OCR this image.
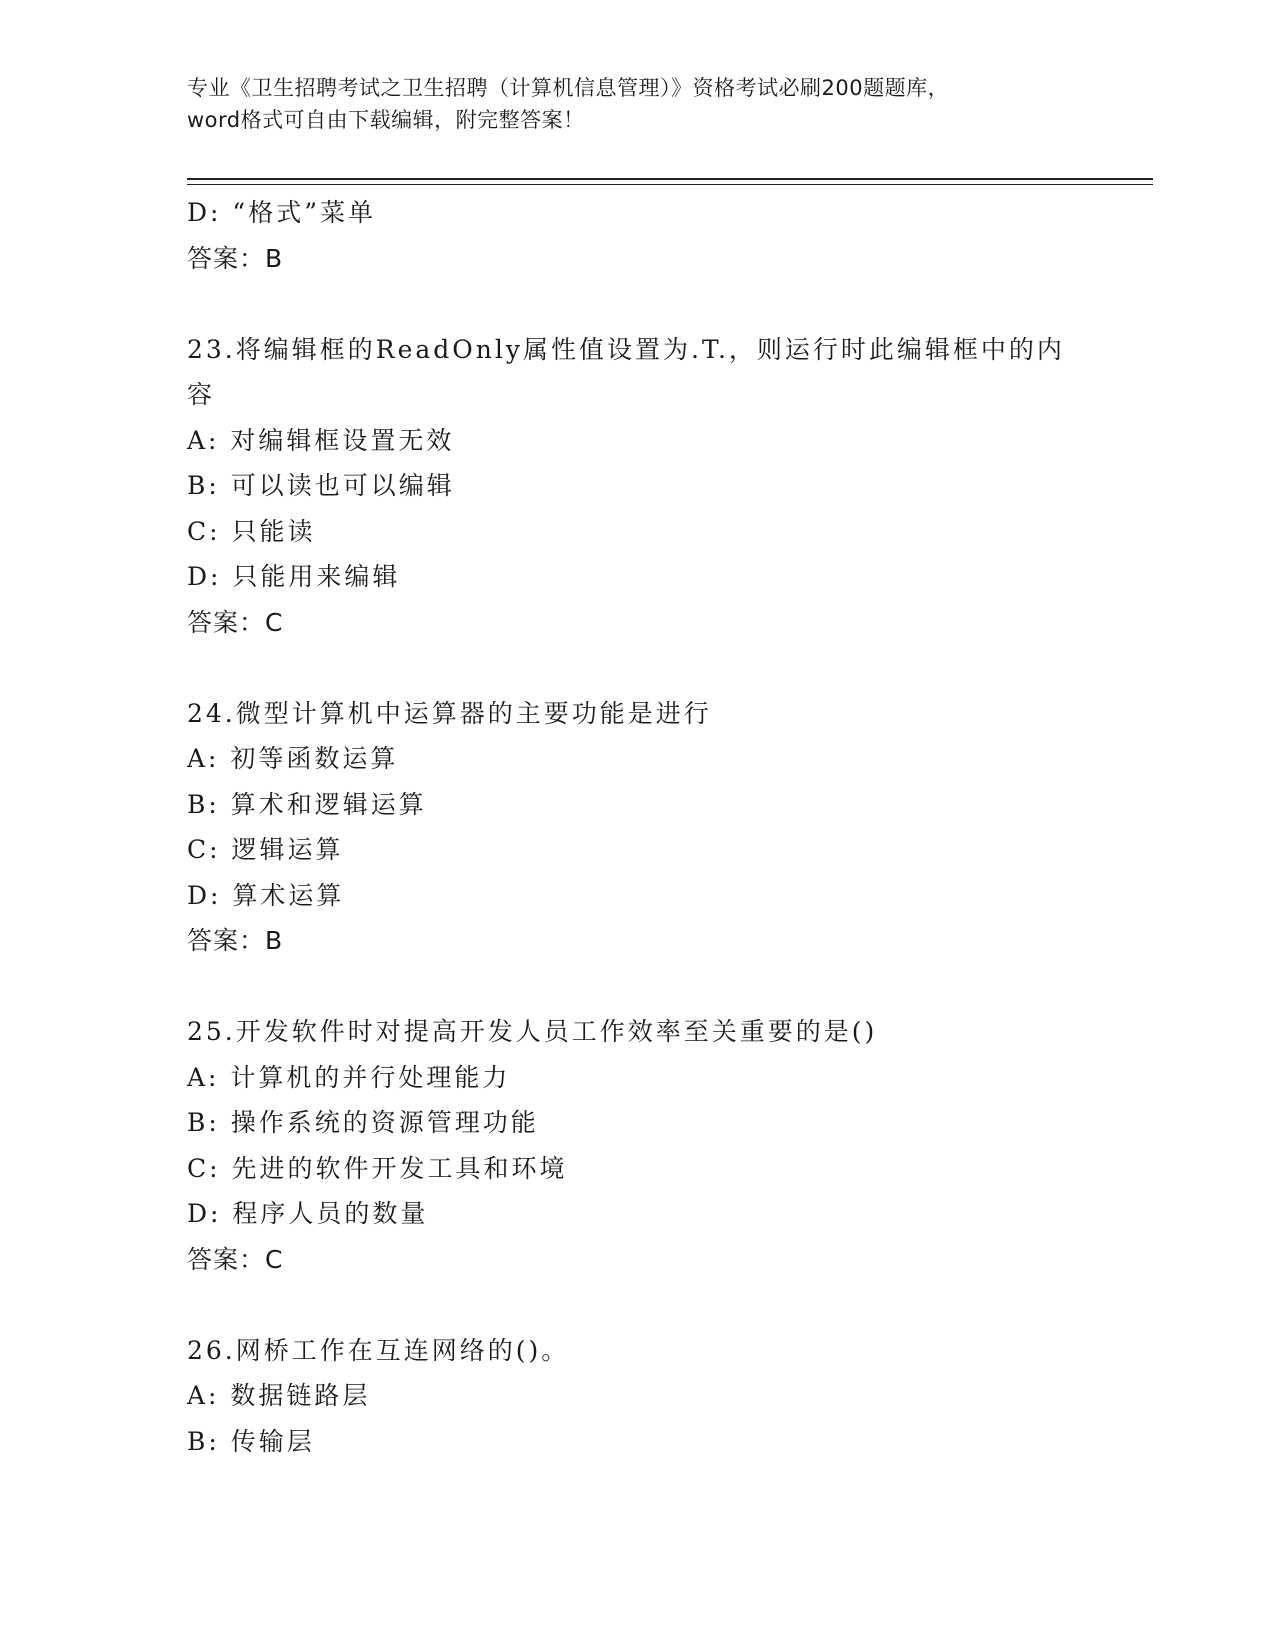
专业《卫生招聘考试之卫生招聘（计算机信息管理）》资格考试必刷200题题库，
word格式可自由下载编辑，附完整答案！
D: “格式”菜单
答案：B
23.将编辑框的ReadOnly属性值设置为.T.，则运行时此编辑框中的内
容
A: 对编辑框设置无效
B: 可以读也可以编辑
C: 只能读
D: 只能用来编辑
答案：C
24.微型计算机中运算器的主要功能是进行
A: 初等函数运算
B: 算术和逻辑运算
C: 逻辑运算
D: 算术运算
答案：B
25.开发软件时对提高开发人员工作效率至关重要的是()
A: 计算机的并行处理能力
B: 操作系统的资源管理功能
C: 先进的软件开发工具和环境
D: 程序人员的数量
答案：C
26.网桥工作在互连网络的()。
A: 数据链路层
B: 传输层
